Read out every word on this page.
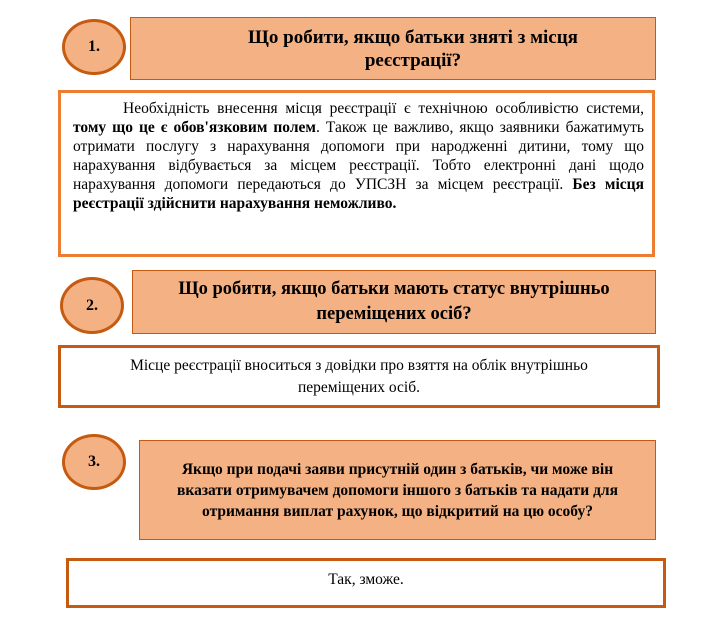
1.	Що робити, якщо батьки зняті з місця реєстрації?
Необхідність внесення місця реєстрації є технічною особливістю системи, тому що це є обов'язковим полем. Також це важливо, якщо заявники бажатимуть отримати послугу з нарахування допомоги при народженні дитини, тому що нарахування відбувається за місцем реєстрації. Тобто електронні дані щодо нарахування допомоги передаються до УПСЗН за місцем реєстрації. Без місця реєстрації здійснити нарахування неможливо.
2.
Що робити, якщо батьки мають статус внутрішньо переміщених осіб?
Місце реєстрації вноситься з довідки про взяття на облік внутрішньо переміщених осіб.
3.	Якщо при подачі заяви присутній один з батьків, чи може він вказати отримувачем допомоги іншого з батьків та надати для отримання виплат рахунок, що відкритий на цю особу?
Так, зможе.
